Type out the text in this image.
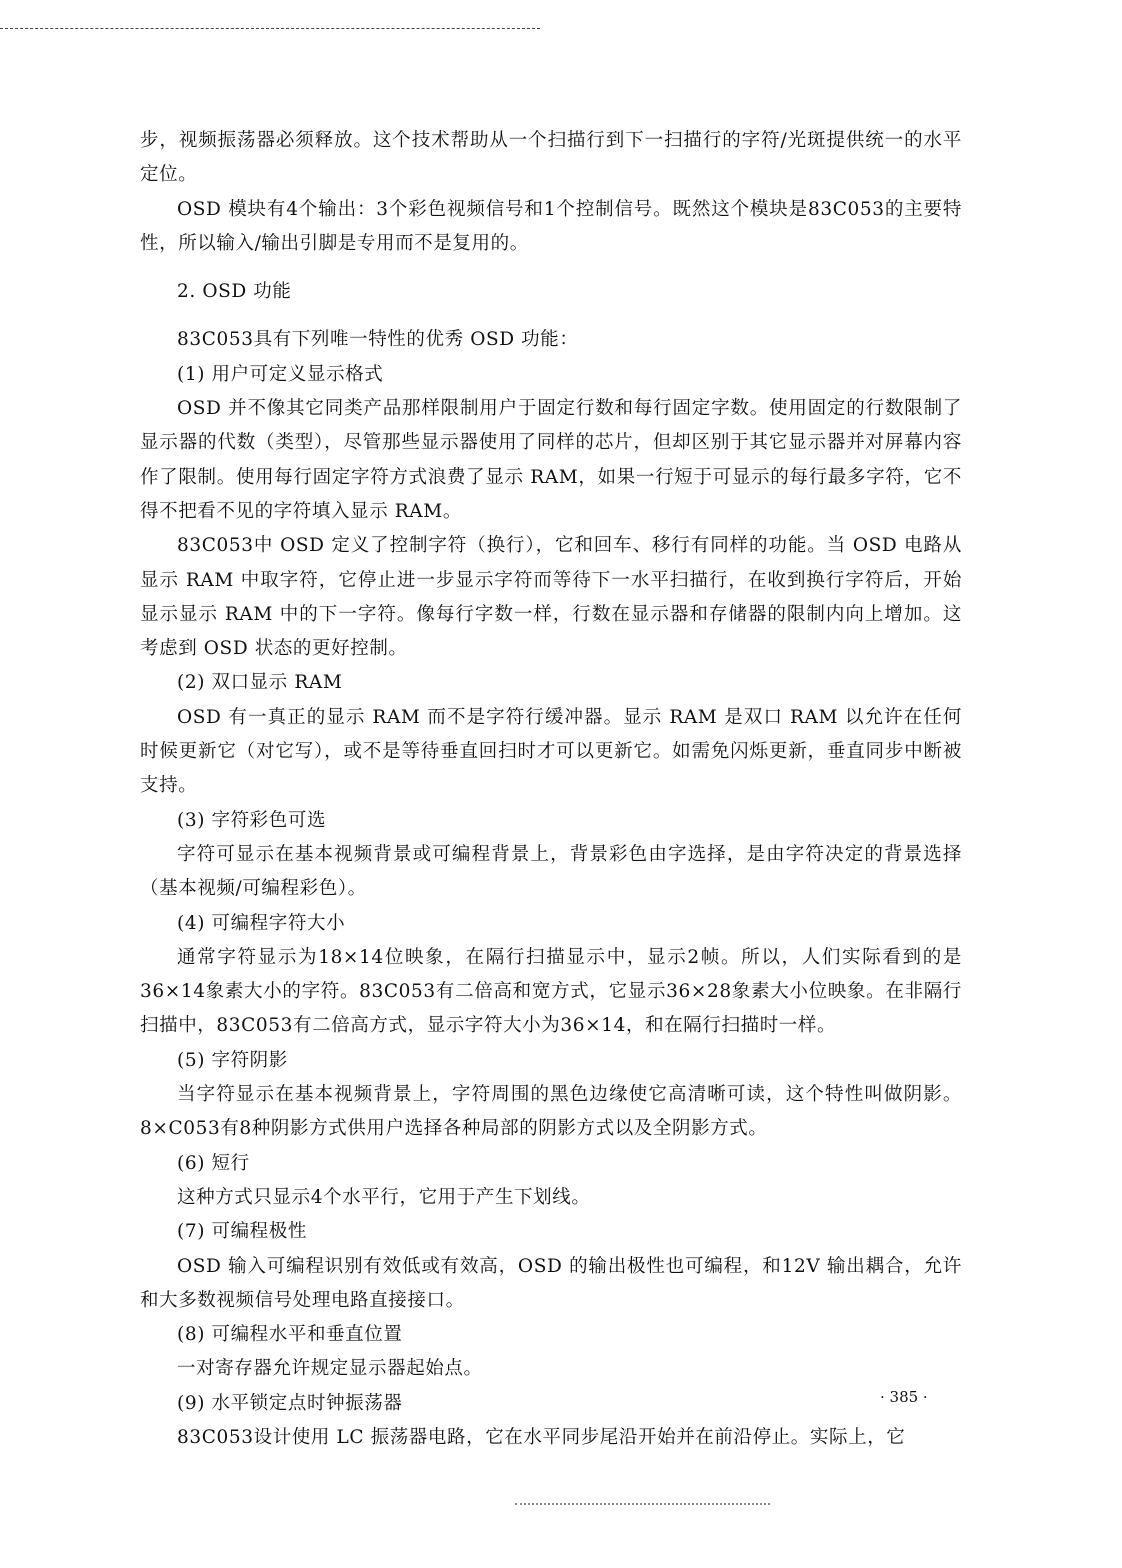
步，视频振荡器必须释放。这个技术帮助从一个扫描行到下一扫描行的字符/光斑提供统一的水平定位。

OSD 模块有4个输出：3个彩色视频信号和1个控制信号。既然这个模块是83C053的主要特性，所以输入/输出引脚是专用而不是复用的。

2. OSD 功能

83C053具有下列唯一特性的优秀 OSD 功能：

(1) 用户可定义显示格式

OSD 并不像其它同类产品那样限制用户于固定行数和每行固定字数。使用固定的行数限制了显示器的代数（类型），尽管那些显示器使用了同样的芯片，但却区别于其它显示器并对屏幕内容作了限制。使用每行固定字符方式浪费了显示 RAM，如果一行短于可显示的每行最多字符，它不得不把看不见的字符填入显示 RAM。

83C053中 OSD 定义了控制字符（换行），它和回车、移行有同样的功能。当 OSD 电路从显示 RAM 中取字符，它停止进一步显示字符而等待下一水平扫描行，在收到换行字符后，开始显示显示 RAM 中的下一字符。像每行字数一样，行数在显示器和存储器的限制内向上增加。这考虑到 OSD 状态的更好控制。

(2) 双口显示 RAM

OSD 有一真正的显示 RAM 而不是字符行缓冲器。显示 RAM 是双口 RAM 以允许在任何时候更新它（对它写），或不是等待垂直回扫时才可以更新它。如需免闪烁更新，垂直同步中断被支持。

(3) 字符彩色可选

字符可显示在基本视频背景或可编程背景上，背景彩色由字选择，是由字符决定的背景选择（基本视频/可编程彩色）。

(4) 可编程字符大小

通常字符显示为18×14位映象，在隔行扫描显示中，显示2帧。所以，人们实际看到的是36×14象素大小的字符。83C053有二倍高和宽方式，它显示36×28象素大小位映象。在非隔行扫描中，83C053有二倍高方式，显示字符大小为36×14，和在隔行扫描时一样。

(5) 字符阴影

当字符显示在基本视频背景上，字符周围的黑色边缘使它高清晰可读，这个特性叫做阴影。8×C053有8种阴影方式供用户选择各种局部的阴影方式以及全阴影方式。

(6) 短行

这种方式只显示4个水平行，它用于产生下划线。

(7) 可编程极性

OSD 输入可编程识别有效低或有效高，OSD 的输出极性也可编程，和12V 输出耦合，允许和大多数视频信号处理电路直接接口。

(8) 可编程水平和垂直位置

一对寄存器允许规定显示器起始点。

(9) 水平锁定点时钟振荡器

83C053设计使用 LC 振荡器电路，它在水平同步尾沿开始并在前沿停止。实际上，它

· 385 ·
